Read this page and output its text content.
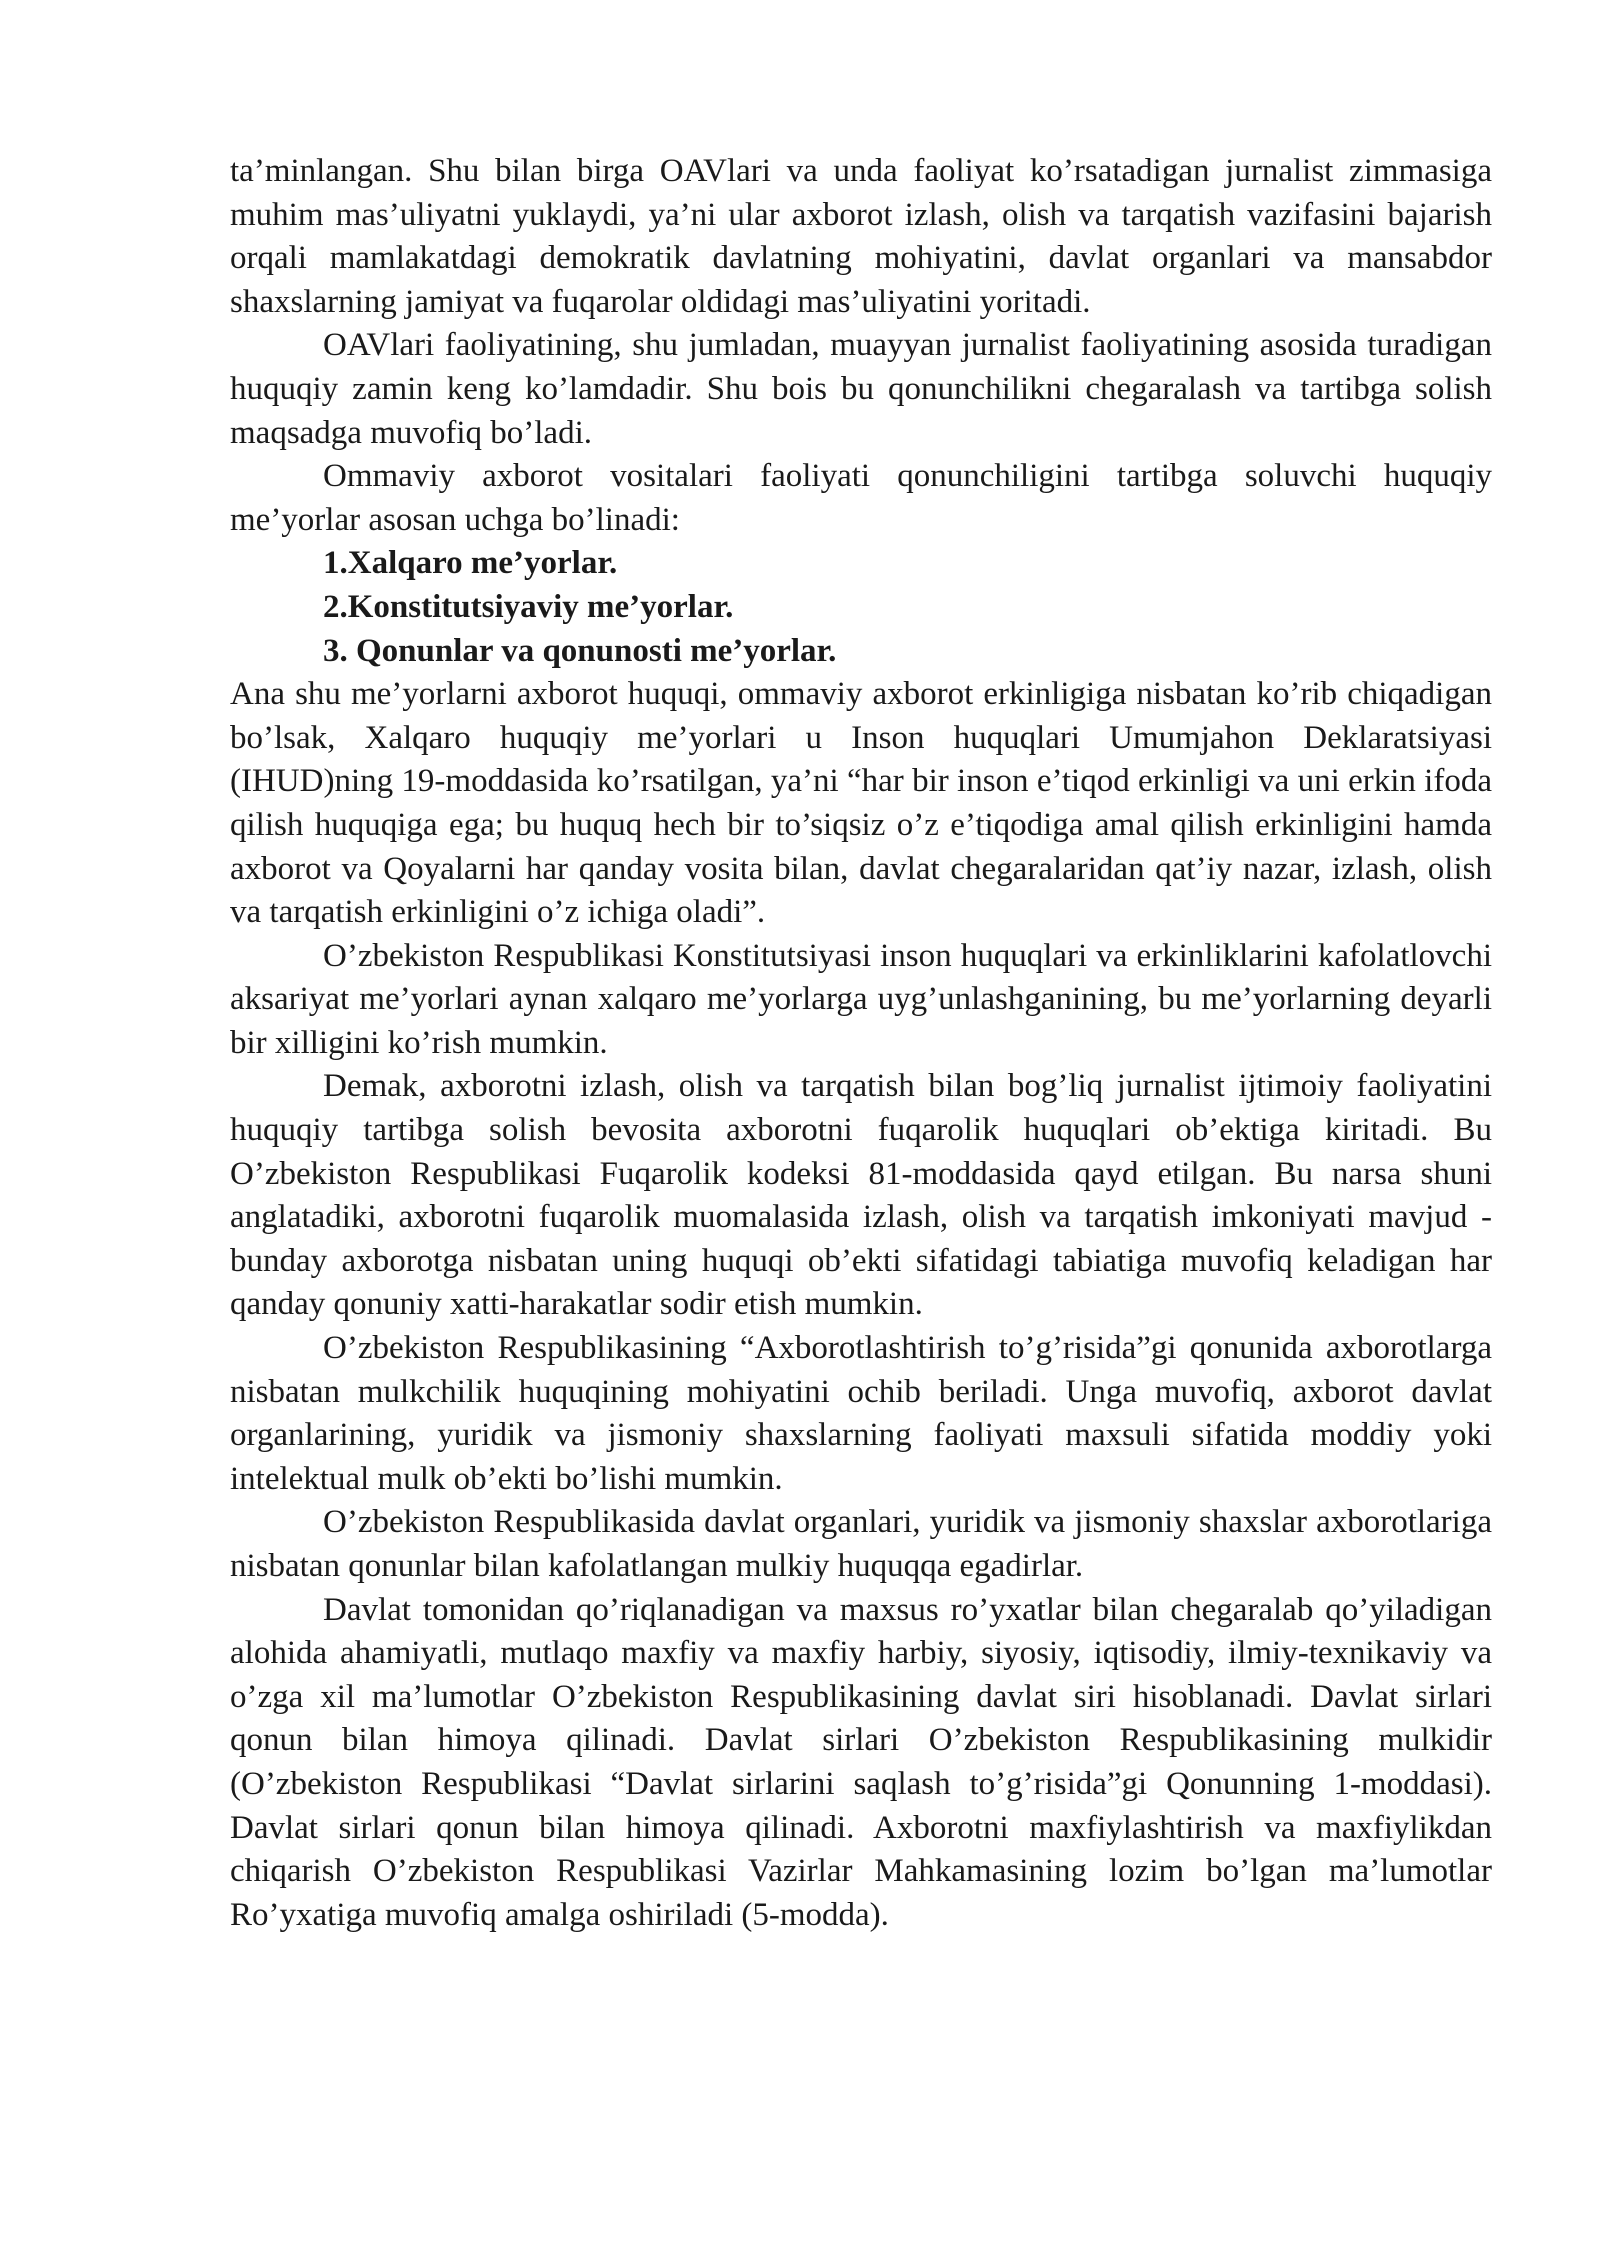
ta’minlangan. Shu bilan birga OAVlari va unda faoliyat ko’rsatadigan jurnalist zimmasiga muhim mas’uliyatni yuklaydi, ya’ni ular axborot izlash, olish va tarqatish vazifasini bajarish orqali mamlakatdagi demokratik davlatning mohiyatini, davlat organlari va mansabdor shaxslarning jamiyat va fuqarolar oldidagi mas’uliyatini yoritadi.

OAVlari faoliyatining, shu jumladan, muayyan jurnalist faoliyatining asosida turadigan huquqiy zamin keng ko’lamdadir. Shu bois bu qonunchilikni chegaralash va tartibga solish maqsadga muvofiq bo’ladi.

Ommaviy axborot vositalari faoliyati qonunchiligini tartibga soluvchi huquqiy me’yorlar asosan uchga bo’linadi:

1.Xalqaro me’yorlar.

2.Konstitutsiyaviy me’yorlar.

3. Qonunlar va qonunosti me’yorlar.

Ana shu me’yorlarni axborot huquqi, ommaviy axborot erkinligiga nisbatan ko’rib chiqadigan bo’lsak, Xalqaro huquqiy me’yorlari u Inson huquqlari Umumjahon Deklaratsiyasi (IHUD)ning 19-moddasida ko’rsatilgan, ya’ni “har bir inson e’tiqod erkinligi va uni erkin ifoda qilish huquqiga ega; bu huquq hech bir to’siqsiz o’z e’tiqodiga amal qilish erkinligini hamda axborot va Qoyalarni har qanday vosita bilan, davlat chegaralaridan qat’iy nazar, izlash, olish va tarqatish erkinligini o’z ichiga oladi”.

O’zbekiston Respublikasi Konstitutsiyasi inson huquqlari va erkinliklarini kafolatlovchi aksariyat me’yorlari aynan xalqaro me’yorlarga uyg’unlashganining, bu me’yorlarning deyarli bir xilligini ko’rish mumkin.

Demak, axborotni izlash, olish va tarqatish bilan bog’liq jurnalist ijtimoiy faoliyatini huquqiy tartibga solish bevosita axborotni fuqarolik huquqlari ob’ektiga kiritadi. Bu O’zbekiston Respublikasi Fuqarolik kodeksi 81-moddasida qayd etilgan. Bu narsa shuni anglatadiki, axborotni fuqarolik muomalasida izlash, olish va tarqatish imkoniyati mavjud - bunday axborotga nisbatan uning huquqi ob’ekti sifatidagi tabiatiga muvofiq keladigan har qanday qonuniy xatti-harakatlar sodir etish mumkin.

O’zbekiston Respublikasining “Axborotlashtirish to’g’risida”gi qonunida axborotlarga nisbatan mulkchilik huquqining mohiyatini ochib beriladi. Unga muvofiq, axborot davlat organlarining, yuridik va jismoniy shaxslarning faoliyati maxsuli sifatida moddiy yoki intelektual mulk ob’ekti bo’lishi mumkin.

O’zbekiston Respublikasida davlat organlari, yuridik va jismoniy shaxslar axborotlariga nisbatan qonunlar bilan kafolatlangan mulkiy huquqqa egadirlar.

Davlat tomonidan qo’riqlanadigan va maxsus ro’yxatlar bilan chegaralab qo’yiladigan alohida ahamiyatli, mutlaqo maxfiy va maxfiy harbiy, siyosiy, iqtisodiy, ilmiy-texnikaviy va o’zga xil ma’lumotlar O’zbekiston Respublikasining davlat siri hisoblanadi. Davlat sirlari qonun bilan himoya qilinadi. Davlat sirlari O’zbekiston Respublikasining mulkidir (O’zbekiston Respublikasi “Davlat sirlarini saqlash to’g’risida”gi Qonunning 1-moddasi). Davlat sirlari qonun bilan himoya qilinadi. Axborotni maxfiylashtirish va maxfiylikdan chiqarish O’zbekiston Respublikasi Vazirlar Mahkamasining lozim bo’lgan ma’lumotlar Ro’yxatiga muvofiq amalga oshiriladi (5-modda).
